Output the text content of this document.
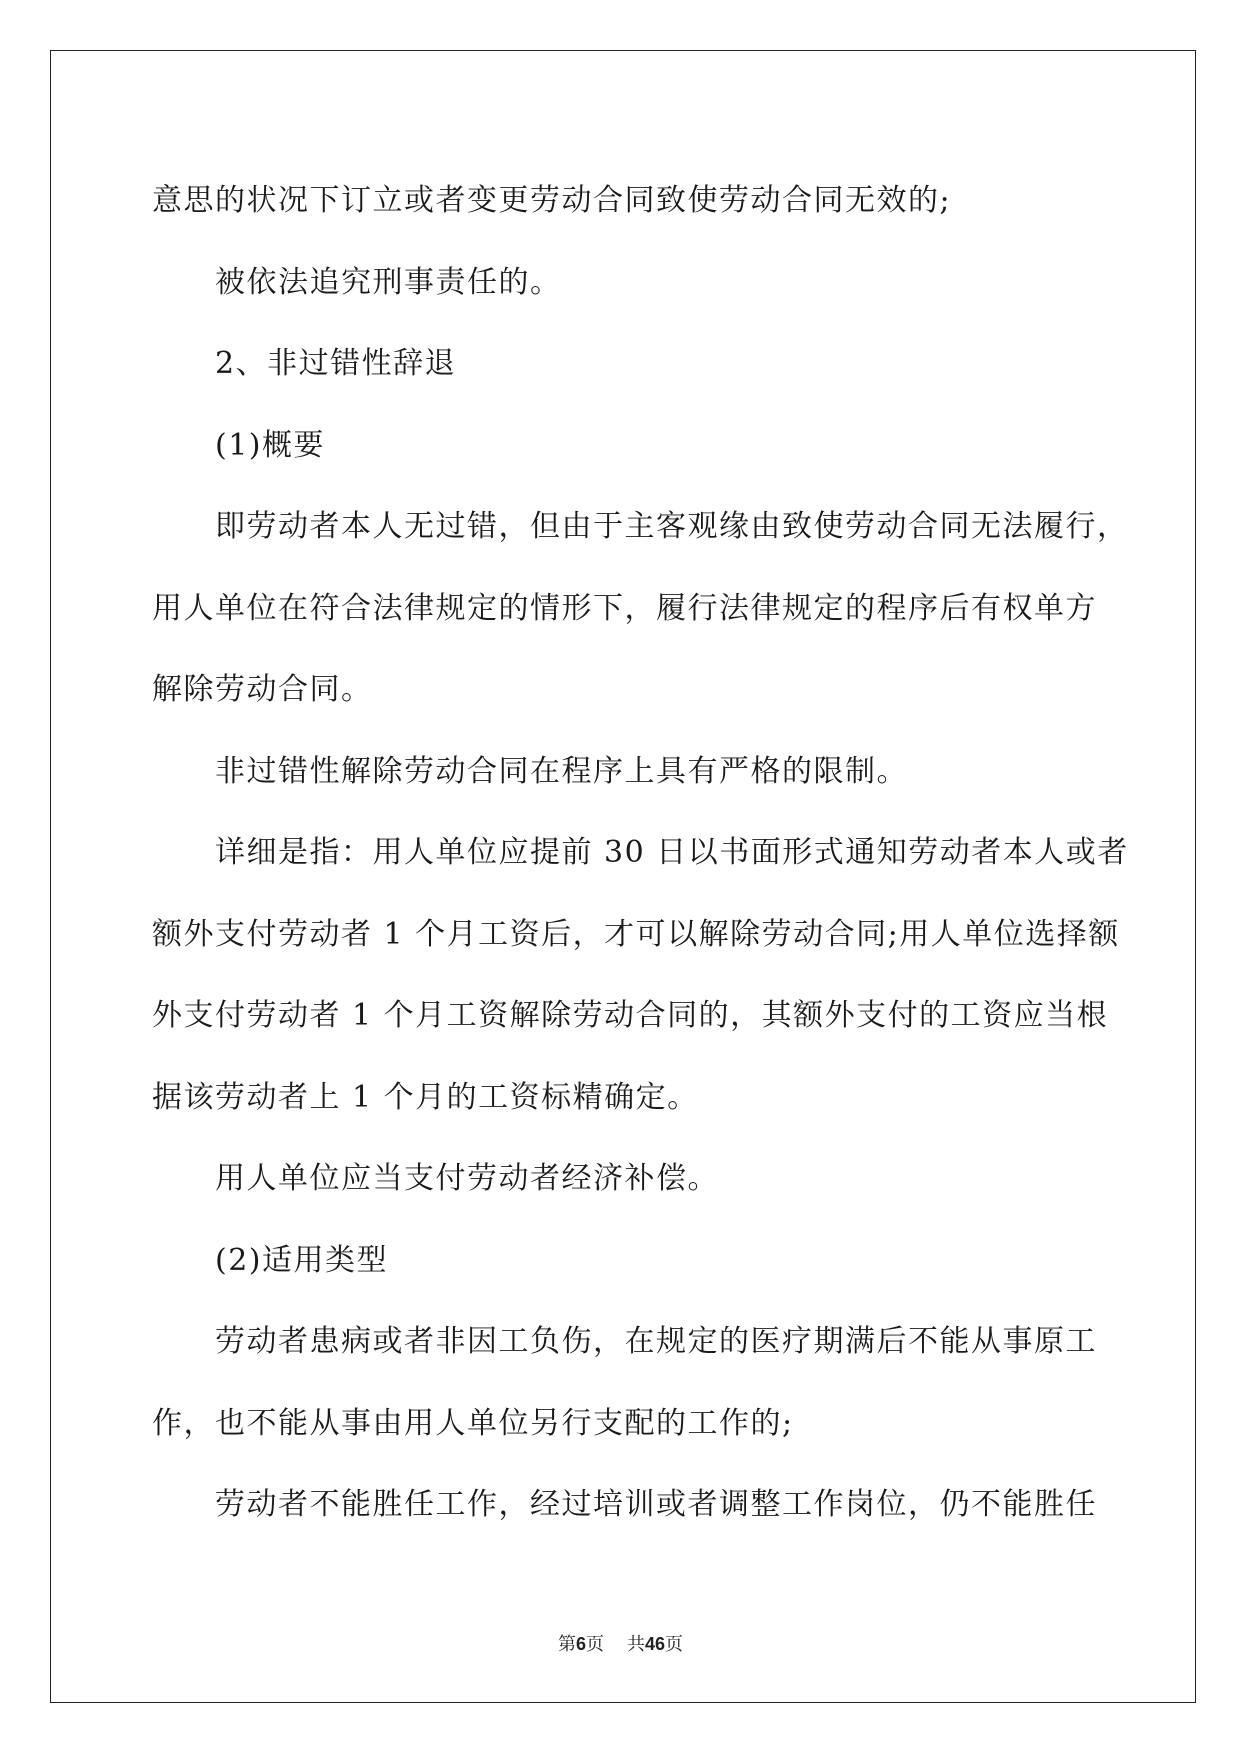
意思的状况下订立或者变更劳动合同致使劳动合同无效的;
被依法追究刑事责任的。
2、非过错性辞退
(1)概要
即劳动者本人无过错，但由于主客观缘由致使劳动合同无法履行，
用人单位在符合法律规定的情形下，履行法律规定的程序后有权单方
解除劳动合同。
非过错性解除劳动合同在程序上具有严格的限制。
详细是指：用人单位应提前 30 日以书面形式通知劳动者本人或者
额外支付劳动者 1 个月工资后，才可以解除劳动合同;用人单位选择额
外支付劳动者 1 个月工资解除劳动合同的，其额外支付的工资应当根
据该劳动者上 1 个月的工资标精确定。
用人单位应当支付劳动者经济补偿。
(2)适用类型
劳动者患病或者非因工负伤，在规定的医疗期满后不能从事原工
作，也不能从事由用人单位另行支配的工作的;
劳动者不能胜任工作，经过培训或者调整工作岗位，仍不能胜任
第6页 共46页
